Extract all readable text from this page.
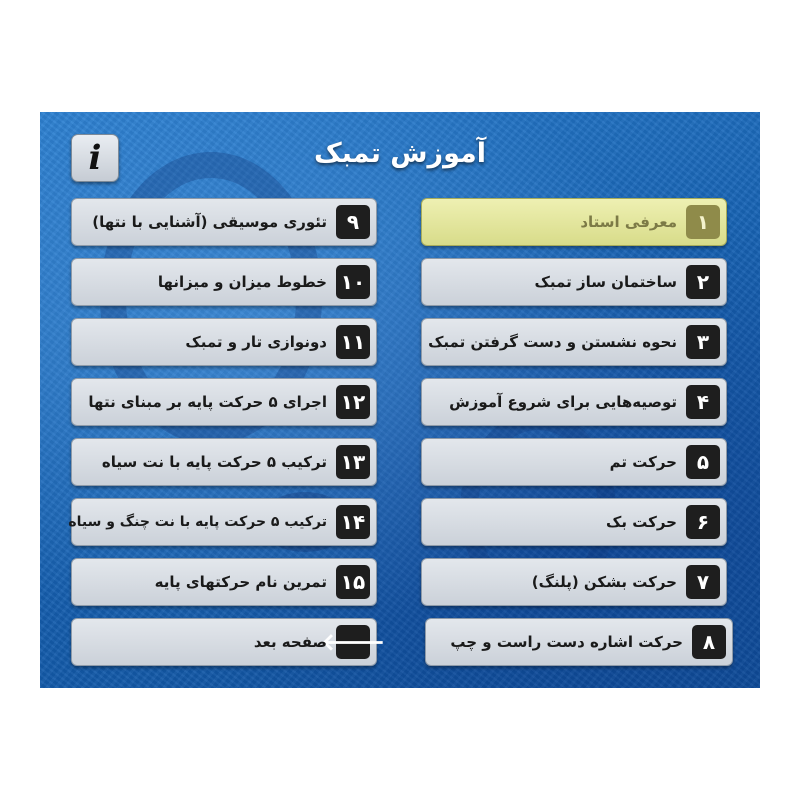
i	آموزش تمبک
۱
معرفی استاد
۲
ساختمان ساز تمبک
۳
نحوه نشستن و دست گرفتن تمبک
۴
توصیه‌هایی برای شروع آموزش
۵
حرکت تم
۶
حرکت بک
۷
حرکت بشکن (پلنگ)
۸
حرکت اشاره دست راست و چپ
۹
تئوری موسیقی (آشنایی با نتها)
۱۰
خطوط میزان و میزانها
۱۱
دونوازی تار و تمبک
۱۲
اجرای ۵ حرکت پایه بر مبنای نتها
۱۳
ترکیب ۵ حرکت پایه با نت سیاه
۱۴
ترکیب ۵ حرکت پایه با نت چنگ و سیاه
۱۵
تمرین نام حرکتهای پایه
🡐
صفحه بعد
